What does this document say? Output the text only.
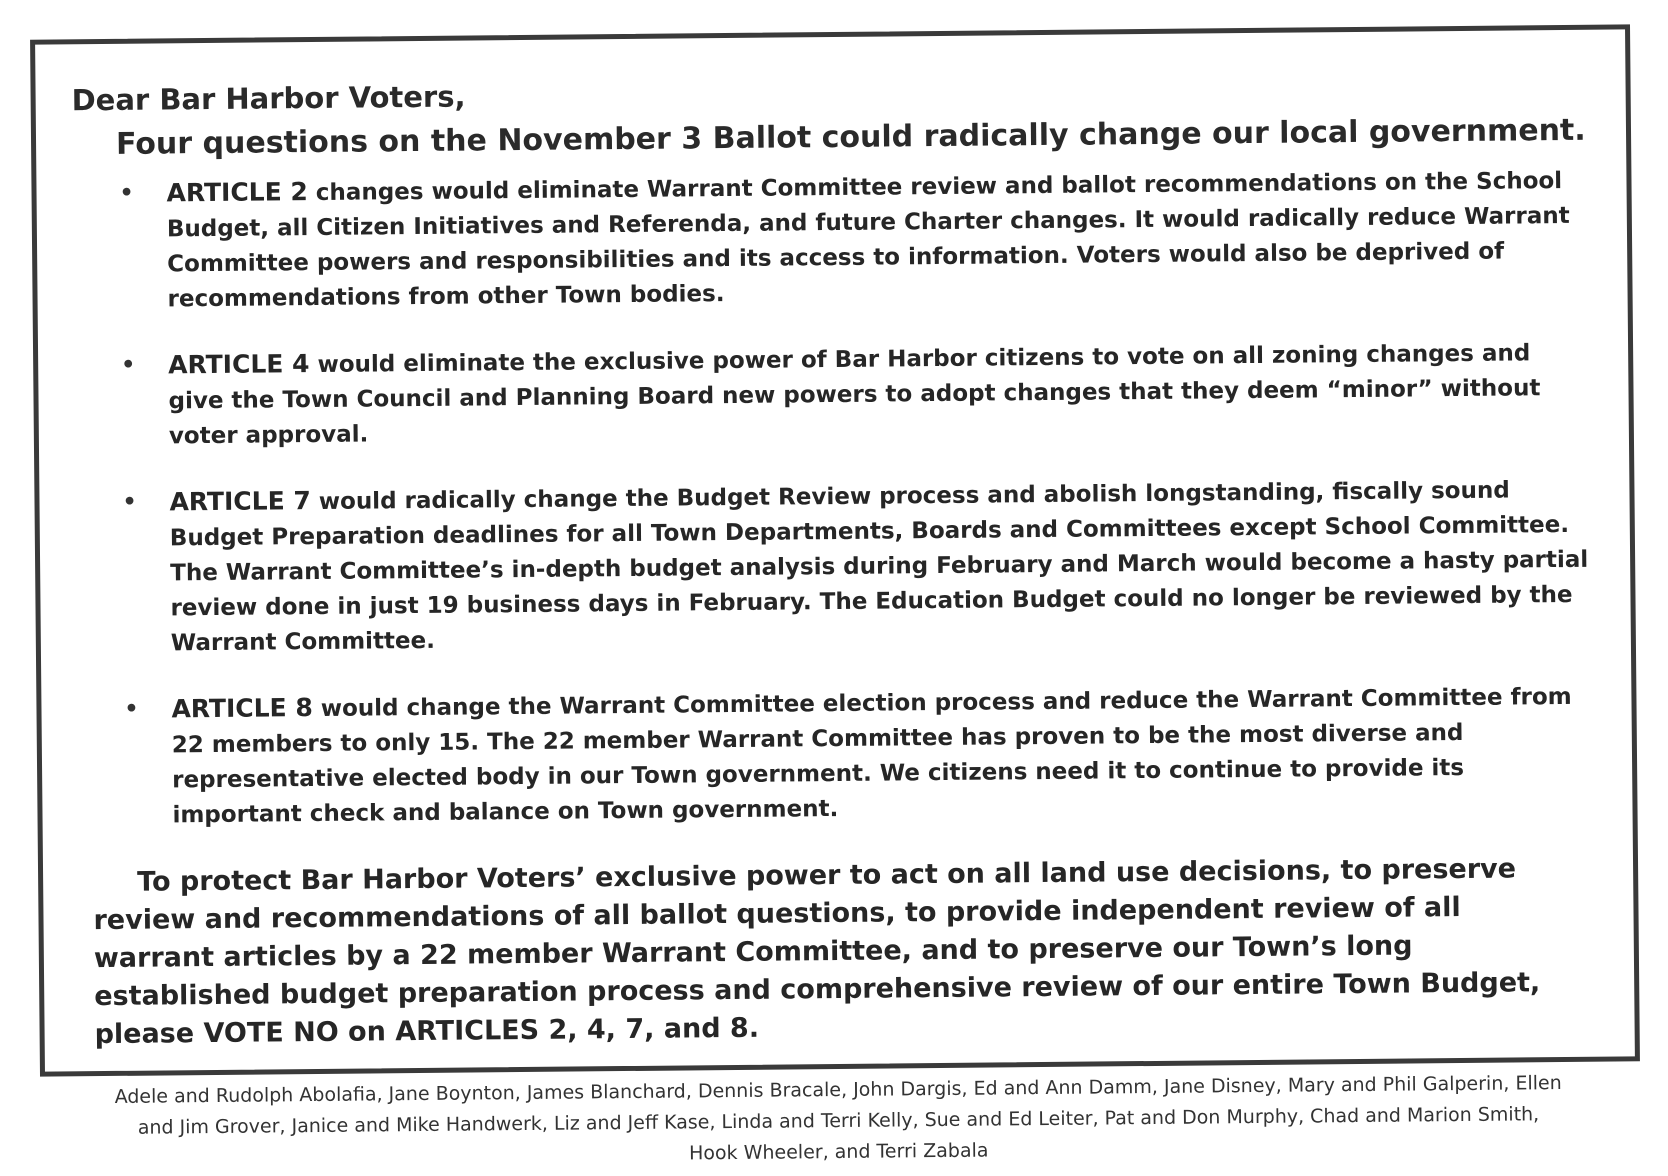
Dear Bar Harbor Voters,

Four questions on the November 3 Ballot could radically change our local government.

• ARTICLE 2 changes would eliminate Warrant Committee review and ballot recommendations on the School Budget, all Citizen Initiatives and Referenda, and future Charter changes. It would radically reduce Warrant Committee powers and responsibilities and its access to information. Voters would also be deprived of recommendations from other Town bodies.
• ARTICLE 4 would eliminate the exclusive power of Bar Harbor citizens to vote on all zoning changes and give the Town Council and Planning Board new powers to adopt changes that they deem “minor” without voter approval.
• ARTICLE 7 would radically change the Budget Review process and abolish longstanding, fiscally sound Budget Preparation deadlines for all Town Departments, Boards and Committees except School Committee. The Warrant Committee’s in-depth budget analysis during February and March would become a hasty partial review done in just 19 business days in February. The Education Budget could no longer be reviewed by the Warrant Committee.
• ARTICLE 8 would change the Warrant Committee election process and reduce the Warrant Committee from 22 members to only 15. The 22 member Warrant Committee has proven to be the most diverse and representative elected body in our Town government. We citizens need it to continue to provide its important check and balance on Town government.

To protect Bar Harbor Voters’ exclusive power to act on all land use decisions, to preserve review and recommendations of all ballot questions, to provide independent review of all warrant articles by a 22 member Warrant Committee, and to preserve our Town’s long established budget preparation process and comprehensive review of our entire Town Budget, please VOTE NO on ARTICLES 2, 4, 7, and 8.

Adele and Rudolph Abolafia, Jane Boynton, James Blanchard, Dennis Bracale, John Dargis, Ed and Ann Damm, Jane Disney, Mary and Phil Galperin, Ellen and Jim Grover, Janice and Mike Handwerk, Liz and Jeff Kase, Linda and Terri Kelly, Sue and Ed Leiter, Pat and Don Murphy, Chad and Marion Smith, Hook Wheeler, and Terri Zabala
